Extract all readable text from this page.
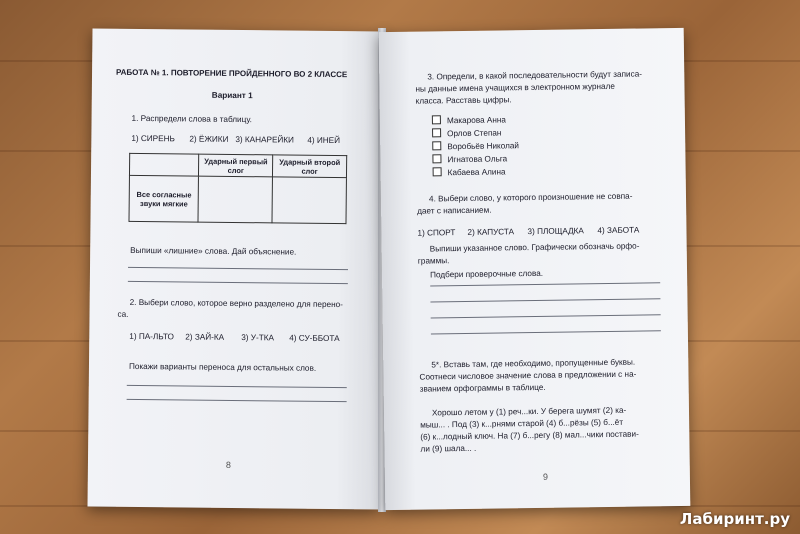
РАБОТА № 1. ПОВТОРЕНИЕ ПРОЙДЕННОГО ВО 2 КЛАССЕ
Вариант 1
1. Распредели слова в таблицу.
1) СИРЕНЬ 2) ЁЖИКИ 3) КАНАРЕЙКИ 4) ИНЕЙ
	Ударный первый слог	Ударный второй слог
Все согласные звуки мягкие		
Выпиши «лишние» слова. Дай объяснение.
2. Выбери слово, которое верно разделено для перено-
са.
1) ПА-ЛЬТО 2) ЗАЙ-КА 3) У-ТКА 4) СУ-ББОТА
Покажи варианты переноса для остальных слов.
8
3. Определи, в какой последовательности будут запиcа-
ны данные имена учащихся в электронном журнале
класса. Расставь цифры.
Макарова Анна
Орлов Степан
Воробьёв Николай
Игнатова Ольга
Кабаева Алина
4. Выбери слово, у которого произношение не совпа-
дает с написанием.
1) СПОРТ 2) КАПУСТА 3) ПЛОЩАДКА 4) ЗАБОТА
Выпиши указанное слово. Графически обозначь орфо-
граммы.
Подбери проверочные слова.
5*. Вставь там, где необходимо, пропущенные буквы.
Соотнеси числовое значение слова в предложении с на-
званием орфограммы в таблице.
Хорошо летом у (1) реч...ки. У берега шумят (2) ка-
мыш... . Под (3) к...рнями старой (4) б...рёзы (5) б...ёт
(6) к...лодный ключ. На (7) б...регу (8) мал...чики постави-
ли (9) шала... .
9
Лабиринт.ру
